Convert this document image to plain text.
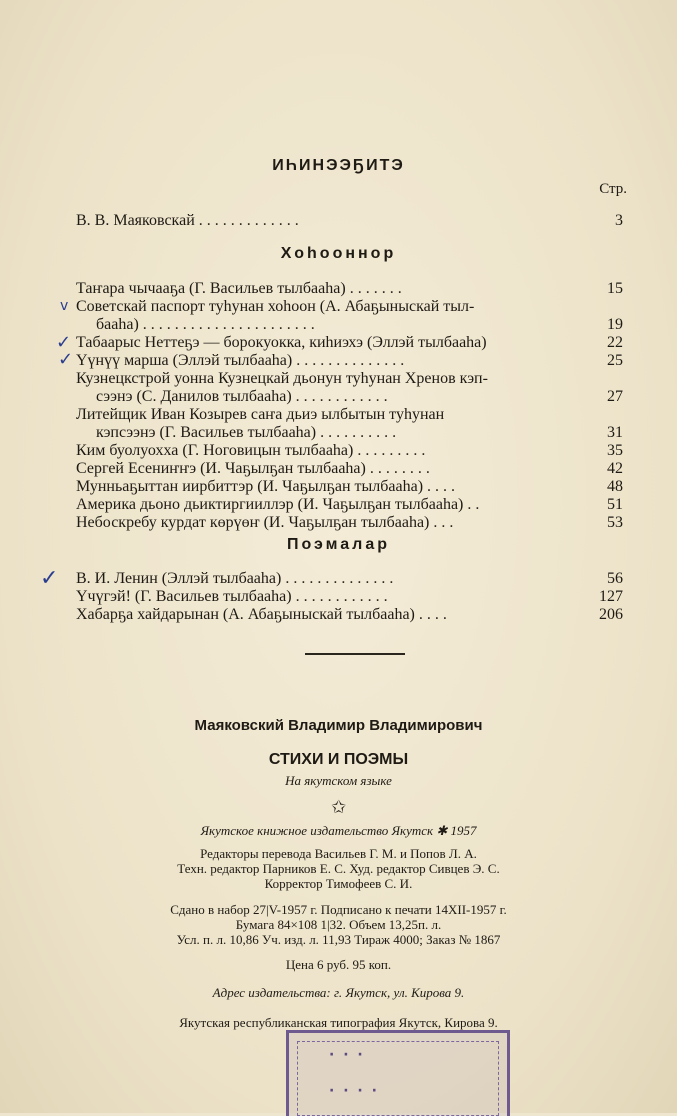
ИҺИНЭЭҔИТЭ
Стр.
В. В. Маяковскай . . . . . . . . . . . . .	3
Хоһооннор
Таҥара чычааҕа (Г. Васильев тылбааһа) . . . . . . .	15
Советскай паспорт туһунан хоһоон (А. Абаҕыныскай тыл-
бааһа) . . . . . . . . . . . . . . . . . . . . . .	19
Табаарыс Неттеҕэ — борокуокка, киһиэхэ (Эллэй тылбааһа)	22
Үүнүү марша (Эллэй тылбааһа) . . . . . . . . . . . . . .	25
Кузнецкстрой уонна Кузнецкай дьонун туһунан Хренов кэп-
сээнэ (С. Данилов тылбааһа) . . . . . . . . . . . .	27
Литейщик Иван Козырев саҥа дьиэ ылбытын туһунан
кэпсээнэ (Г. Васильев тылбааһа) . . . . . . . . . .	31
Ким буолуохха (Г. Ноговицын тылбааһа) . . . . . . . . .	35
Сергей Есениҥҥэ (И. Чаҕылҕан тылбааһа) . . . . . . . .	42
Мунньаҕыттан иирбиттэр (И. Чаҕылҕан тылбааһа) . . . .	48
Америка дьоно дьиктиргииллэр (И. Чаҕылҕан тылбааһа) . .	51
Небоскребу курдат көрүөҥ (И. Чаҕылҕан тылбааһа) . . .	53
Поэмалар
В. И. Ленин (Эллэй тылбааһа) . . . . . . . . . . . . . .	56
Үчүгэй! (Г. Васильев тылбааһа) . . . . . . . . . . . .	127
Хабарҕа хайдарынан (А. Абаҕыныскай тылбааһа) . . . .	206
v
✓
✓
✓
Маяковский Владимир Владимирович
СТИХИ И ПОЭМЫ
На якутском языке
✩
Якутское книжное издательство Якутск ✱ 1957
Редакторы перевода Васильев Г. М. и Попов Л. А.
Техн. редактор Парников Е. С. Худ. редактор Сивцев Э. С.
Корректор Тимофеев С. И.
Сдано в набор 27|V-1957 г. Подписано к печати 14XII-1957 г.
Бумага 84×108 1|32. Объем 13,25п. л.
Усл. п. л. 10,86 Уч. изд. л. 11,93 Тираж 4000; Заказ № 1867
Цена 6 руб. 95 коп.
Адрес издательства: г. Якутск, ул. Кирова 9.
Якутская республиканская типография Якутск, Кирова 9.
· · ·
· · · ·
